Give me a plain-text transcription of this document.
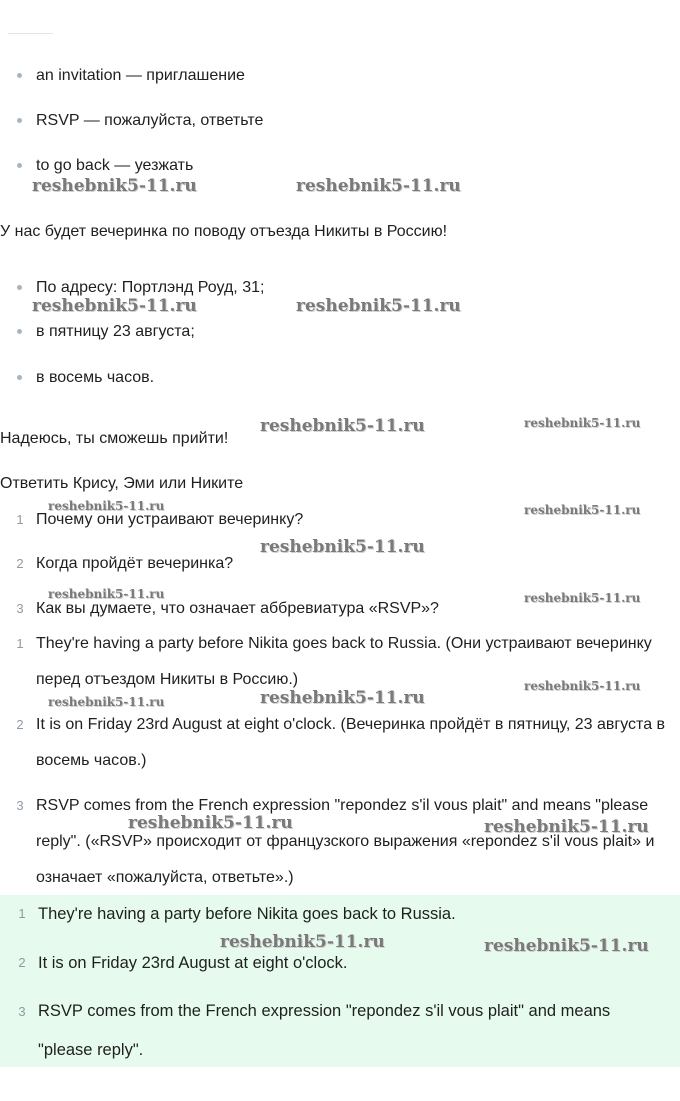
an invitation — приглашение
RSVP — пожалуйста, ответьте
to go back — уезжать
У нас будет вечеринка по поводу отъезда Никиты в Россию!
По адресу: Портлэнд Роуд, 31;
в пятницу 23 августа;
в восемь часов.
Надеюсь, ты сможешь прийти!
Ответить Крису, Эми или Никите
1 Почему они устраивают вечеринку?
2 Когда пройдёт вечеринка?
3 Как вы думаете, что означает аббревиатура «RSVP»?
1 They're having a party before Nikita goes back to Russia. (Они устраивают вечеринку перед отъездом Никиты в Россию.)
2 It is on Friday 23rd August at eight o'clock. (Вечеринка пройдёт в пятницу, 23 августа в восемь часов.)
3 RSVP comes from the French expression "repondez s'il vous plait" and means "please reply". («RSVP» происходит от французского выражения «repondez s'il vous plait» и означает «пожалуйста, ответьте».)
1 They're having a party before Nikita goes back to Russia.
2 It is on Friday 23rd August at eight o'clock.
3 RSVP comes from the French expression "repondez s'il vous plait" and means "please reply".
reshebnik5-11.ru	reshebnik5-11.ru
reshebnik5-11.ru	reshebnik5-11.ru
reshebnik5-11.ru	reshebnik5-11.ru
reshebnik5-11.ru	reshebnik5-11.ru
reshebnik5-11.ru
reshebnik5-11.ru	reshebnik5-11.ru
reshebnik5-11.ru
reshebnik5-11.ru
reshebnik5-11.ru
reshebnik5-11.ru	reshebnik5-11.ru
reshebnik5-11.ru	reshebnik5-11.ru
